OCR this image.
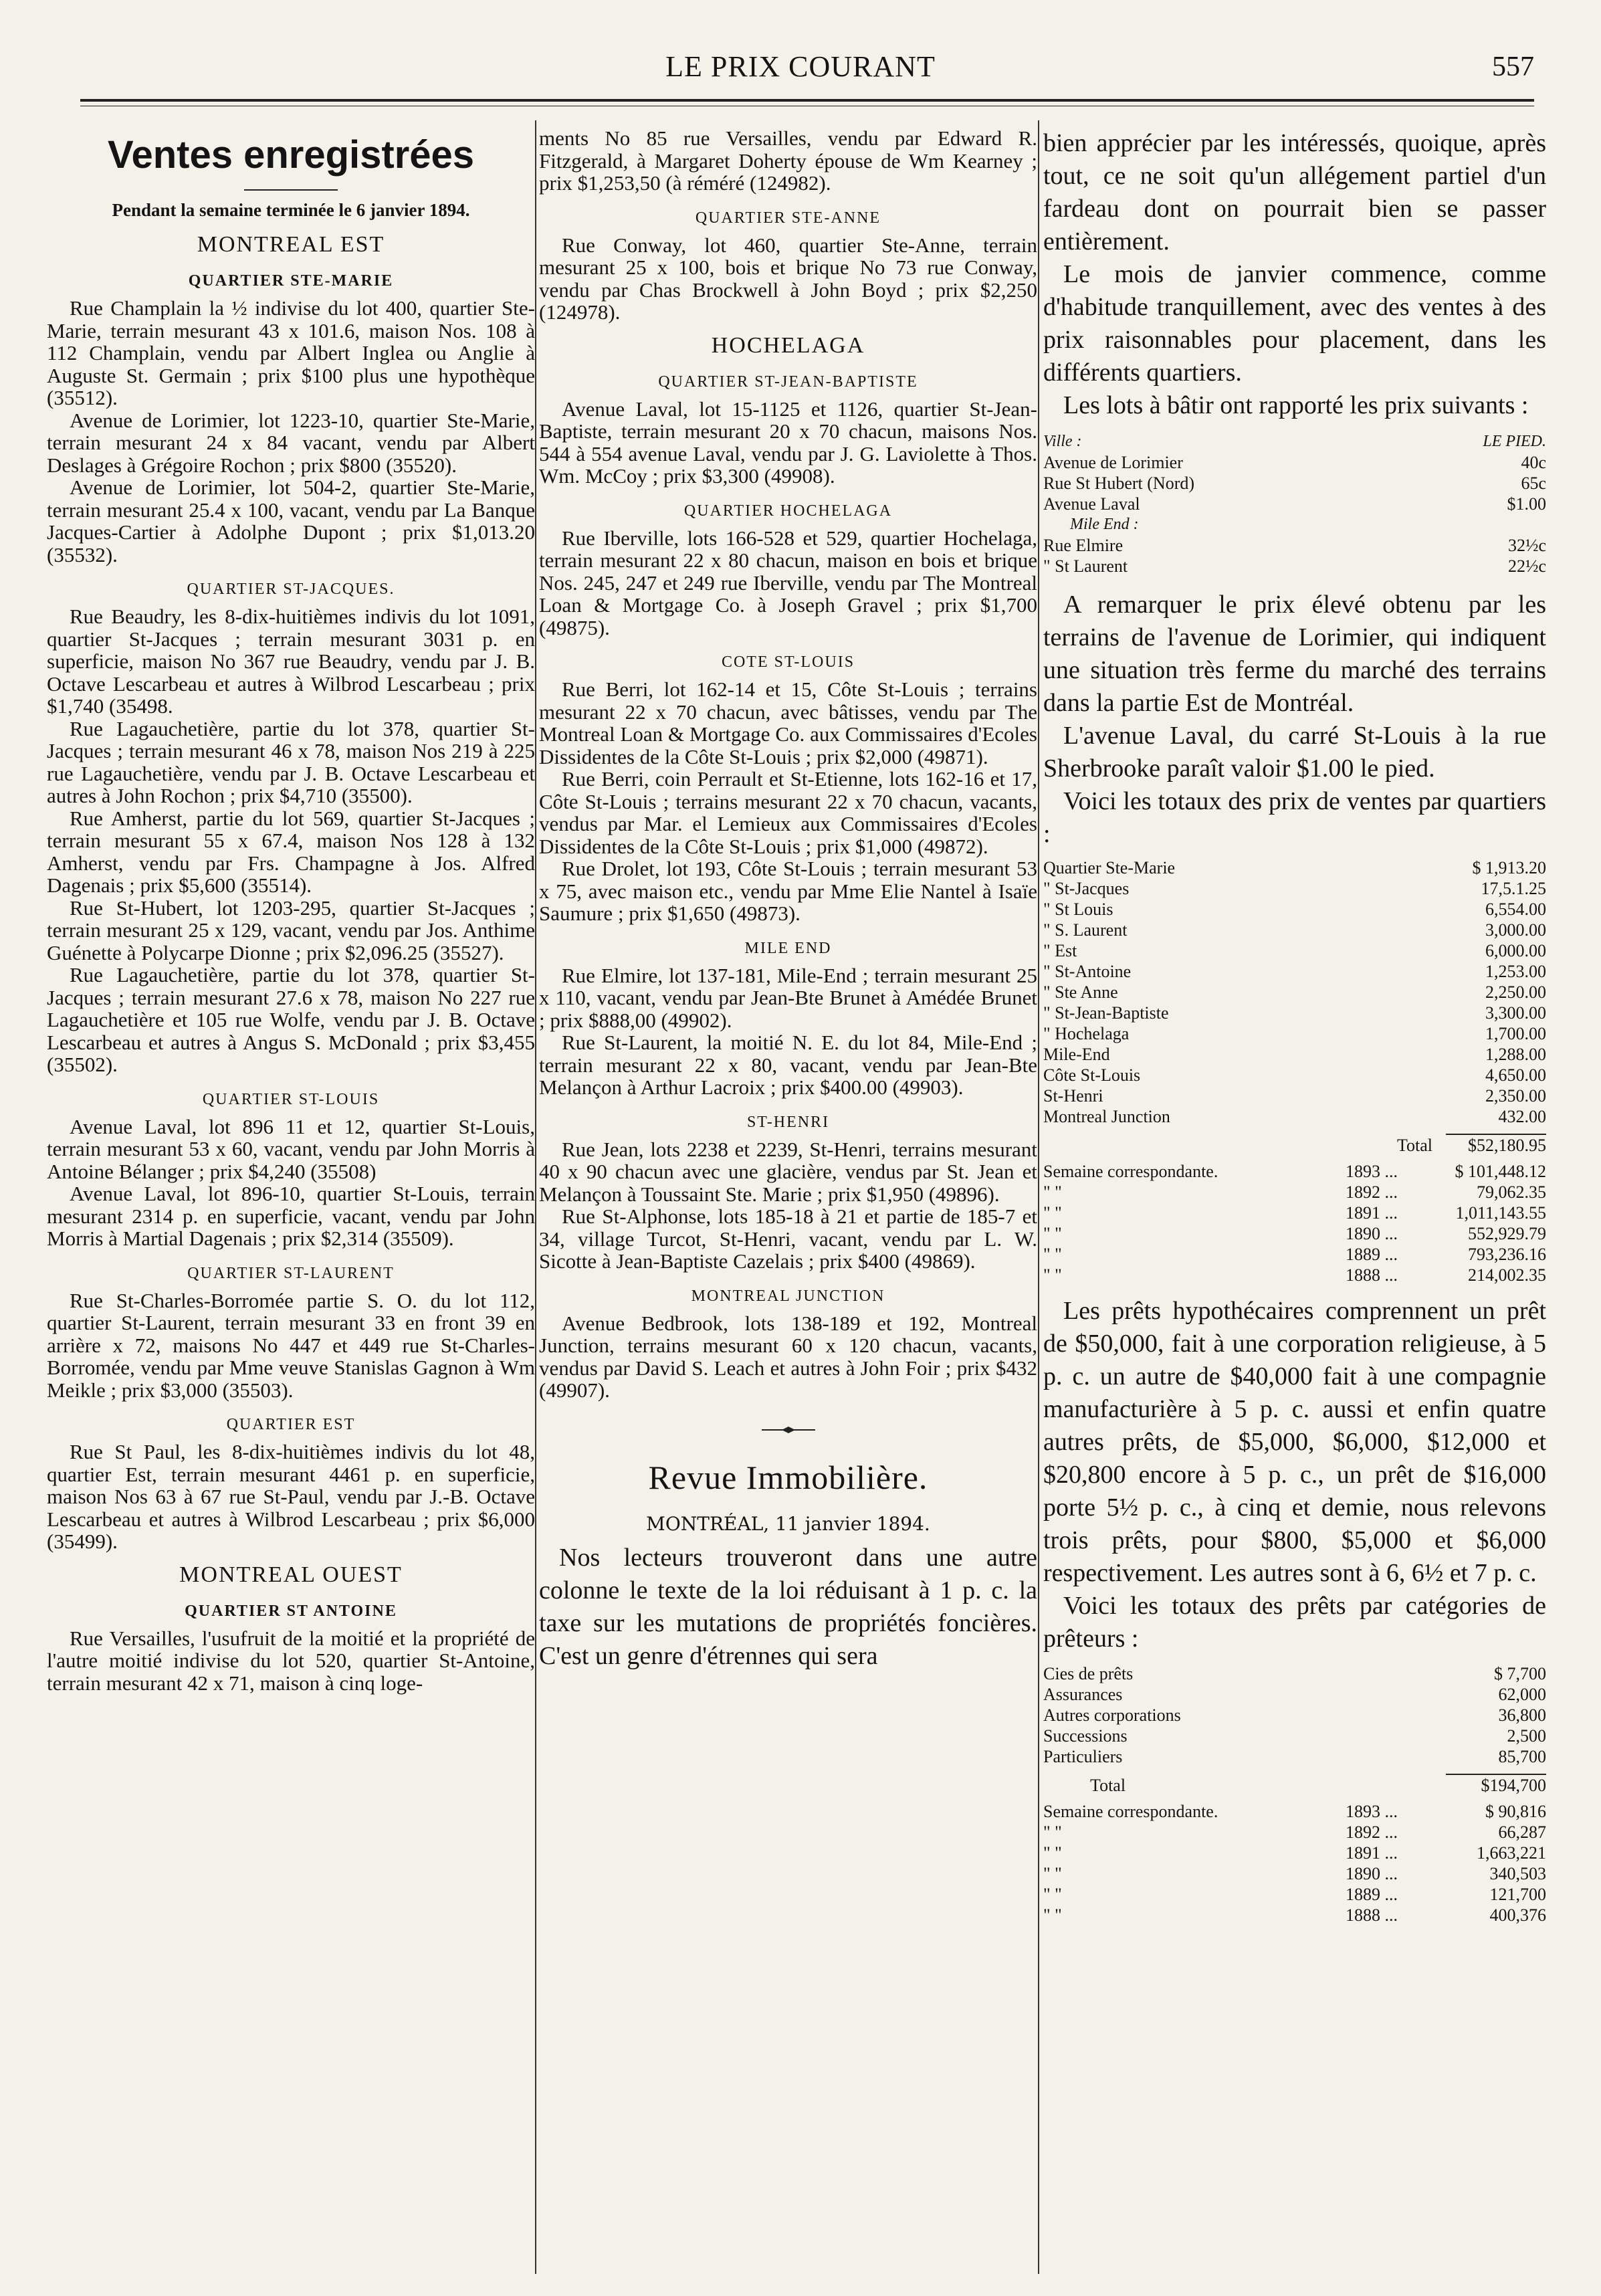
LE PRIX COURANT	557
Ventes enregistrées
Pendant la semaine terminée le 6 janvier 1894.
MONTREAL EST
QUARTIER STE-MARIE

Rue Champlain la ½ indivise du lot 400, quartier Ste-Marie, terrain mesurant 43 x 101.6, maison Nos. 108 à 112 Champlain, vendu par Albert Inglea ou Anglie à Auguste St. Germain ; prix $100 plus une hypothèque (35512).

Avenue de Lorimier, lot 1223-10, quartier Ste-Marie, terrain mesurant 24 x 84 vacant, vendu par Albert Deslages à Grégoire Rochon ; prix $800 (35520).

Avenue de Lorimier, lot 504-2, quartier Ste-Marie, terrain mesurant 25.4 x 100, vacant, vendu par La Banque Jacques-Cartier à Adolphe Dupont ; prix $1,013.20 (35532).

QUARTIER ST-JACQUES.

Rue Beaudry, les 8-dix-huitièmes indivis du lot 1091, quartier St-Jacques ; terrain mesurant 3031 p. en superficie, maison No 367 rue Beaudry, vendu par J. B. Octave Lescarbeau et autres à Wilbrod Lescarbeau ; prix $1,740 (35498.

Rue Lagauchetière, partie du lot 378, quartier St-Jacques ; terrain mesurant 46 x 78, maison Nos 219 à 225 rue Lagauchetière, vendu par J. B. Octave Lescarbeau et autres à John Rochon ; prix $4,710 (35500).

Rue Amherst, partie du lot 569, quartier St-Jacques ; terrain mesurant 55 x 67.4, maison Nos 128 à 132 Amherst, vendu par Frs. Champagne à Jos. Alfred Dagenais ; prix $5,600 (35514).

Rue St-Hubert, lot 1203-295, quartier St-Jacques ; terrain mesurant 25 x 129, vacant, vendu par Jos. Anthime Guénette à Polycarpe Dionne ; prix $2,096.25 (35527).

Rue Lagauchetière, partie du lot 378, quartier St-Jacques ; terrain mesurant 27.6 x 78, maison No 227 rue Lagauchetière et 105 rue Wolfe, vendu par J. B. Octave Lescarbeau et autres à Angus S. McDonald ; prix $3,455 (35502).

QUARTIER ST-LOUIS

Avenue Laval, lot 896 11 et 12, quartier St-Louis, terrain mesurant 53 x 60, vacant, vendu par John Morris à Antoine Bélanger ; prix $4,240 (35508)

Avenue Laval, lot 896-10, quartier St-Louis, terrain mesurant 2314 p. en superficie, vacant, vendu par John Morris à Martial Dagenais ; prix $2,314 (35509).

QUARTIER ST-LAURENT

Rue St-Charles-Borromée partie S. O. du lot 112, quartier St-Laurent, terrain mesurant 33 en front 39 en arrière x 72, maisons No 447 et 449 rue St-Charles-Borromée, vendu par Mme veuve Stanislas Gagnon à Wm Meikle ; prix $3,000 (35503).

QUARTIER EST

Rue St Paul, les 8-dix-huitièmes indivis du lot 48, quartier Est, terrain mesurant 4461 p. en superficie, maison Nos 63 à 67 rue St-Paul, vendu par J.-B. Octave Lescarbeau et autres à Wilbrod Lescarbeau ; prix $6,000 (35499).

MONTREAL OUEST
QUARTIER ST ANTOINE

Rue Versailles, l'usufruit de la moitié et la propriété de l'autre moitié indivise du lot 520, quartier St-Antoine, terrain mesurant 42 x 71, maison à cinq loge-

ments No 85 rue Versailles, vendu par Edward R. Fitzgerald, à Margaret Doherty épouse de Wm Kearney ; prix $1,253,50 (à réméré (124982).

QUARTIER STE-ANNE

Rue Conway, lot 460, quartier Ste-Anne, terrain mesurant 25 x 100, bois et brique No 73 rue Conway, vendu par Chas Brockwell à John Boyd ; prix $2,250 (124978).

HOCHELAGA
QUARTIER ST-JEAN-BAPTISTE

Avenue Laval, lot 15-1125 et 1126, quartier St-Jean-Baptiste, terrain mesurant 20 x 70 chacun, maisons Nos. 544 à 554 avenue Laval, vendu par J. G. Laviolette à Thos. Wm. McCoy ; prix $3,300 (49908).

QUARTIER HOCHELAGA

Rue Iberville, lots 166-528 et 529, quartier Hochelaga, terrain mesurant 22 x 80 chacun, maison en bois et brique Nos. 245, 247 et 249 rue Iberville, vendu par The Montreal Loan & Mortgage Co. à Joseph Gravel ; prix $1,700 (49875).

COTE ST-LOUIS

Rue Berri, lot 162-14 et 15, Côte St-Louis ; terrains mesurant 22 x 70 chacun, avec bâtisses, vendu par The Montreal Loan & Mortgage Co. aux Commissaires d'Ecoles Dissidentes de la Côte St-Louis ; prix $2,000 (49871).

Rue Berri, coin Perrault et St-Etienne, lots 162-16 et 17, Côte St-Louis ; terrains mesurant 22 x 70 chacun, vacants, vendus par Mar. el Lemieux aux Commissaires d'Ecoles Dissidentes de la Côte St-Louis ; prix $1,000 (49872).

Rue Drolet, lot 193, Côte St-Louis ; terrain mesurant 53 x 75, avec maison etc., vendu par Mme Elie Nantel à Isaïe Saumure ; prix $1,650 (49873).

MILE END

Rue Elmire, lot 137-181, Mile-End ; terrain mesurant 25 x 110, vacant, vendu par Jean-Bte Brunet à Amédée Brunet ; prix $888,00 (49902).

Rue St-Laurent, la moitié N. E. du lot 84, Mile-End ; terrain mesurant 22 x 80, vacant, vendu par Jean-Bte Melançon à Arthur Lacroix ; prix $400.00 (49903).

ST-HENRI

Rue Jean, lots 2238 et 2239, St-Henri, terrains mesurant 40 x 90 chacun avec une glacière, vendus par St. Jean et Melançon à Toussaint Ste. Marie ; prix $1,950 (49896).

Rue St-Alphonse, lots 185-18 à 21 et partie de 185-7 et 34, village Turcot, St-Henri, vacant, vendu par L. W. Sicotte à Jean-Baptiste Cazelais ; prix $400 (49869).

MONTREAL JUNCTION

Avenue Bedbrook, lots 138-189 et 192, Montreal Junction, terrains mesurant 60 x 120 chacun, vacants, vendus par David S. Leach et autres à John Foir ; prix $432 (49907).

Revue Immobilière.
MONTRÉAL, 11 janvier 1894.

Nos lecteurs trouveront dans une autre colonne le texte de la loi réduisant à 1 p. c. la taxe sur les mutations de propriétés foncières. C'est un genre d'étrennes qui sera

bien apprécier par les intéressés, quoique, après tout, ce ne soit qu'un allégement partiel d'un fardeau dont on pourrait bien se passer entièrement.

Le mois de janvier commence, comme d'habitude tranquillement, avec des ventes à des prix raisonnables pour placement, dans les différents quartiers.

Les lots à bâtir ont rapporté les prix suivants :

Ville :	LE PIED.
Avenue de Lorimier	40c
Rue St Hubert (Nord)	65c
Avenue Laval	$1.00
Mile End :	
Rue Elmire	32½c
" St Laurent	22½c

A remarquer le prix élevé obtenu par les terrains de l'avenue de Lorimier, qui indiquent une situation très ferme du marché des terrains dans la partie Est de Montréal.

L'avenue Laval, du carré St-Louis à la rue Sherbrooke paraît valoir $1.00 le pied.

Voici les totaux des prix de ventes par quartiers :

Quartier Ste-Marie	$ 1,913.20
" St-Jacques	17,5.1.25
" St Louis	6,554.00
" S. Laurent	3,000.00
" Est	6,000.00
" St-Antoine	1,253.00
" Ste Anne	2,250.00
" St-Jean-Baptiste	3,300.00
" Hochelaga	1,700.00
Mile-End	1,288.00
Côte St-Louis	4,650.00
St-Henri	2,350.00
Montreal Junction	432.00
Total	$52,180.95
Semaine correspondante.	1893 ...	$ 101,448.12
" "	1892 ...	79,062.35
" "	1891 ...	1,011,143.55
" "	1890 ...	552,929.79
" "	1889 ...	793,236.16
" "	1888 ...	214,002.35

Les prêts hypothécaires comprennent un prêt de $50,000, fait à une corporation religieuse, à 5 p. c. un autre de $40,000 fait à une compagnie manufacturière à 5 p. c. aussi et enfin quatre autres prêts, de $5,000, $6,000, $12,000 et $20,800 encore à 5 p. c., un prêt de $16,000 porte 5½ p. c., à cinq et demie, nous relevons trois prêts, pour $800, $5,000 et $6,000 respectivement. Les autres sont à 6, 6½ et 7 p. c.

Voici les totaux des prêts par catégories de prêteurs :

Cies de prêts	$ 7,700
Assurances	62,000
Autres corporations	36,800
Successions	2,500
Particuliers	85,700
Total	$194,700
Semaine correspondante.	1893 ...	$ 90,816
" "	1892 ...	66,287
" "	1891 ...	1,663,221
" "	1890 ...	340,503
" "	1889 ...	121,700
" "	1888 ...	400,376
